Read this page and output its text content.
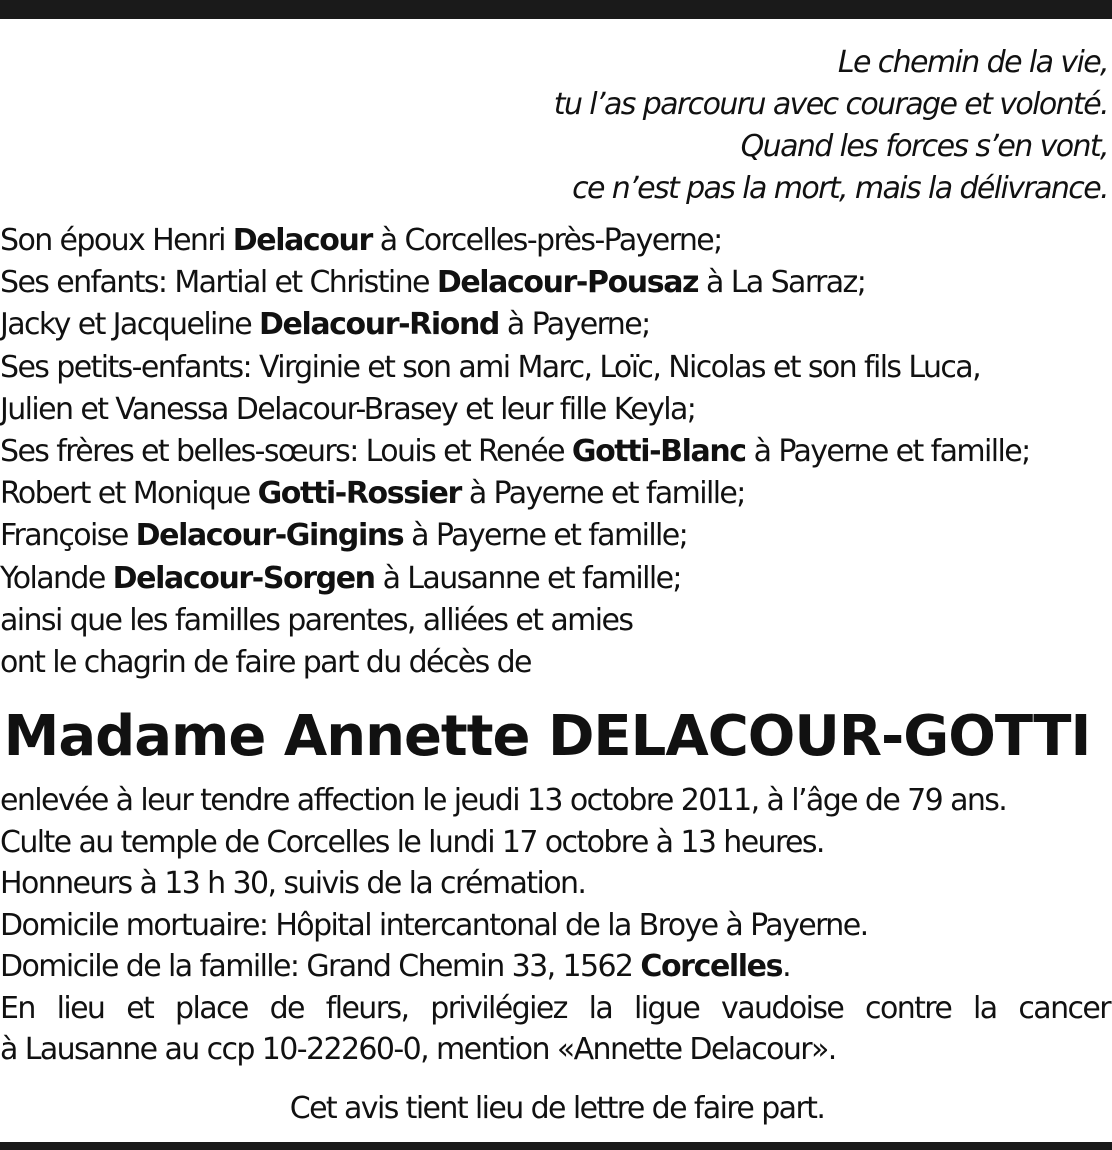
Le chemin de la vie,
tu l’as parcouru avec courage et volonté.
Quand les forces s’en vont,
ce n’est pas la mort, mais la délivrance.
Son époux Henri Delacour à Corcelles-près-Payerne;
Ses enfants: Martial et Christine Delacour-Pousaz à La Sarraz;
Jacky et Jacqueline Delacour-Riond à Payerne;
Ses petits-enfants: Virginie et son ami Marc, Loïc, Nicolas et son fils Luca,
Julien et Vanessa Delacour-Brasey et leur fille Keyla;
Ses frères et belles-sœurs: Louis et Renée Gotti-Blanc à Payerne et famille;
Robert et Monique Gotti-Rossier à Payerne et famille;
Françoise Delacour-Gingins à Payerne et famille;
Yolande Delacour-Sorgen à Lausanne et famille;
ainsi que les familles parentes, alliées et amies
ont le chagrin de faire part du décès de
Madame Annette DELACOUR-GOTTI
enlevée à leur tendre affection le jeudi 13 octobre 2011, à l’âge de 79 ans.
Culte au temple de Corcelles le lundi 17 octobre à 13 heures.
Honneurs à 13 h 30, suivis de la crémation.
Domicile mortuaire: Hôpital intercantonal de la Broye à Payerne.
Domicile de la famille: Grand Chemin 33, 1562 Corcelles.
En lieu et place de fleurs, privilégiez la ligue vaudoise contre la cancer
à Lausanne au ccp 10-22260-0, mention «Annette Delacour».
Cet avis tient lieu de lettre de faire part.
